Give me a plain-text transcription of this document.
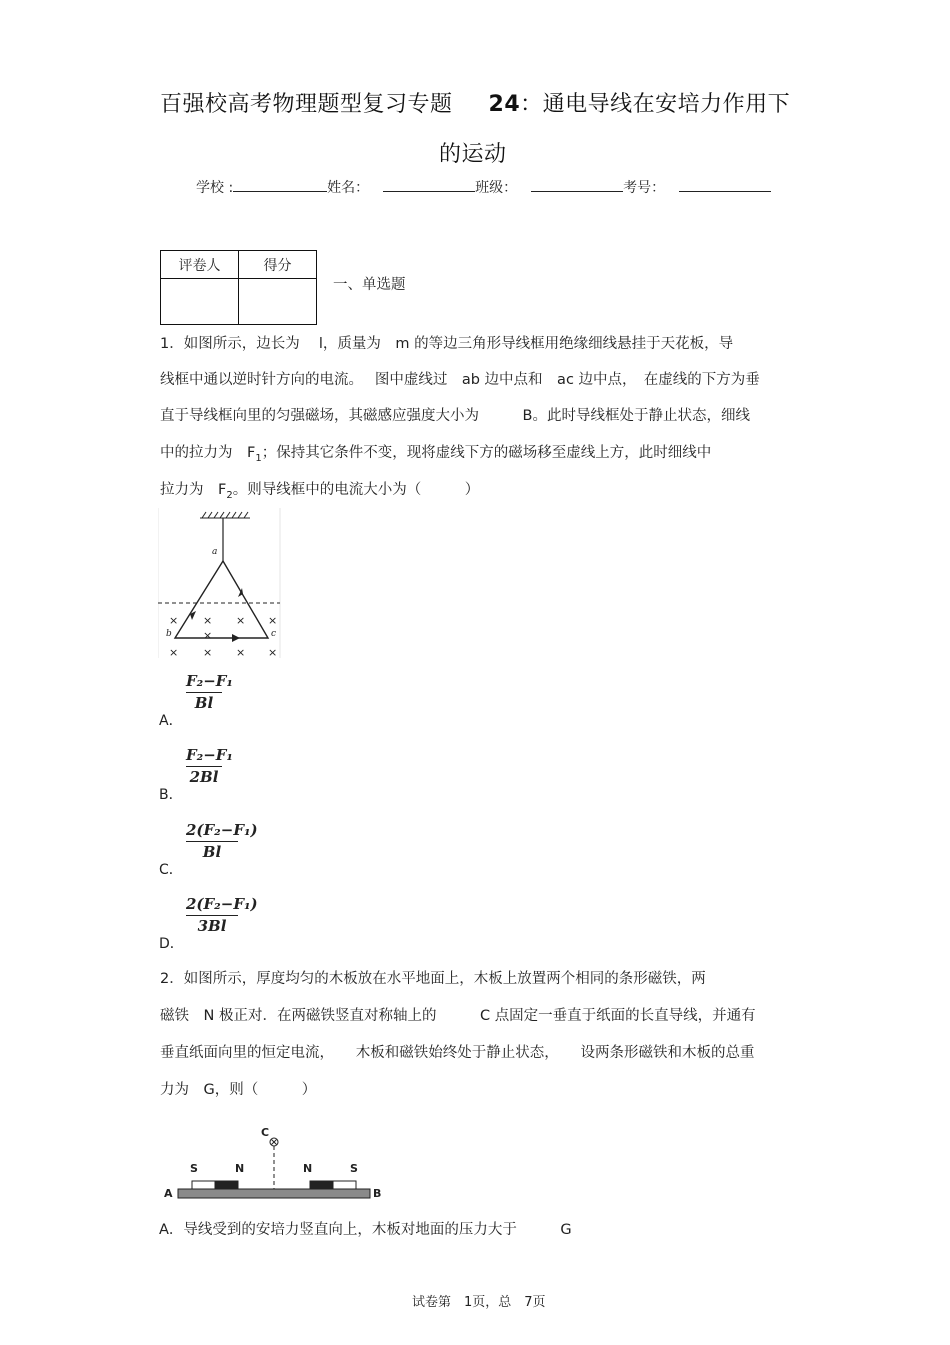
百强校高考物理题型复习专题 24：通电导线在安培力作用下
的运动
学校 :	姓名：	班级：	考号：
评卷人	得分

一、单选题
1．如图所示，边长为　 l，质量为　m 的等边三角形导线框用绝缘细线悬挂于天花板，导
线框中通以逆时针方向的电流。　 图中虚线过　ab 边中点和　ac 边中点，　在虚线的下方为垂
直于导线框向里的匀强磁场，其磁感应强度大小为　　　B。此时导线框处于静止状态，细线
中的拉力为　$F_1$；保持其它条件不变，现将虚线下方的磁场移至虚线上方，此时细线中
拉力为　$F_2$。则导线框中的电流大小为（　　　）
a
b	c
× × × ×
×
× × × ×
A．
F₂−F₁
Bl
B．
F₂−F₁
2Bl
C．
2(F₂−F₁)
Bl
D．
2(F₂−F₁)
3Bl
2．如图所示，厚度均匀的木板放在水平地面上，木板上放置两个相同的条形磁铁，两
磁铁　N 极正对．在两磁铁竖直对称轴上的　　　C 点固定一垂直于纸面的长直导线，并通有
垂直纸面向里的恒定电流，　　木板和磁铁始终处于静止状态，　　设两条形磁铁和木板的总重
力为　G，则（　　　）
C
S	N	N	S
A	B
A．导线受到的安培力竖直向上，木板对地面的压力大于　　　G
试卷第　1页，总　7页
